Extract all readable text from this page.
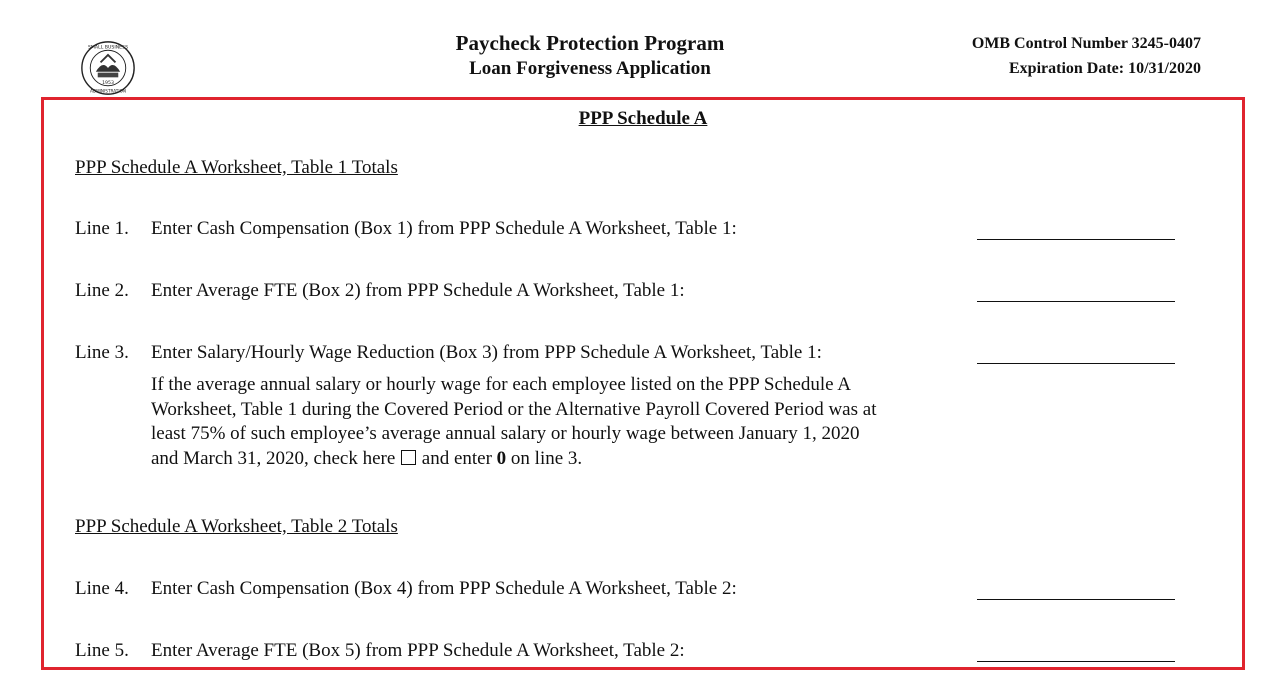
SMALL BUSINESS
1953
ADMINISTRATION
Paycheck Protection Program
Loan Forgiveness Application
OMB Control Number 3245-0407
Expiration Date: 10/31/2020
PPP Schedule A
PPP Schedule A Worksheet, Table 1 Totals
Line 1. Enter Cash Compensation (Box 1) from PPP Schedule A Worksheet, Table 1:
Line 2. Enter Average FTE (Box 2) from PPP Schedule A Worksheet, Table 1:
Line 3. Enter Salary/Hourly Wage Reduction (Box 3) from PPP Schedule A Worksheet, Table 1:
If the average annual salary or hourly wage for each employee listed on the PPP Schedule A Worksheet, Table 1 during the Covered Period or the Alternative Payroll Covered Period was at least 75% of such employee’s average annual salary or hourly wage between January 1, 2020 and March 31, 2020, check here and enter 0 on line 3.
PPP Schedule A Worksheet, Table 2 Totals
Line 4. Enter Cash Compensation (Box 4) from PPP Schedule A Worksheet, Table 2:
Line 5. Enter Average FTE (Box 5) from PPP Schedule A Worksheet, Table 2:
